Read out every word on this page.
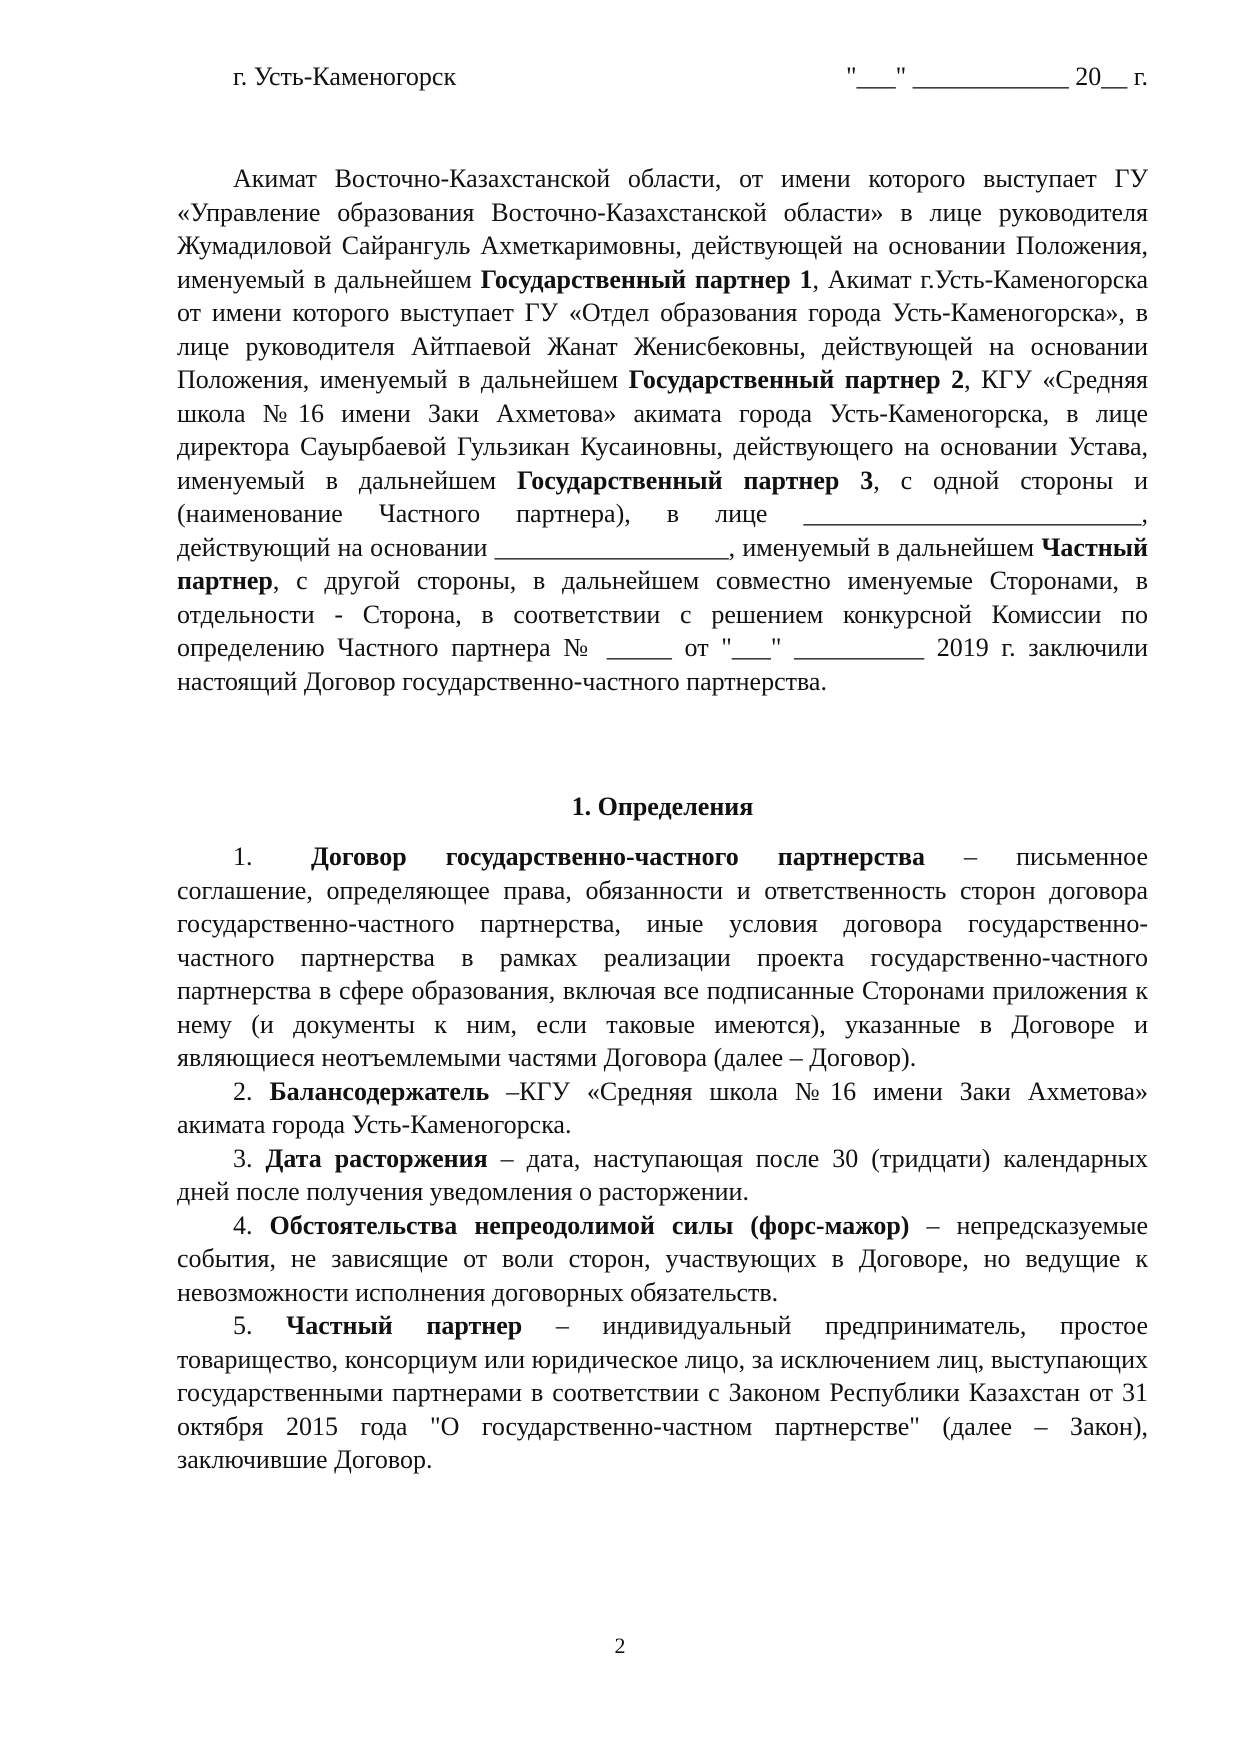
г. Усть-Каменогорск	"___" ____________ 20__ г.

Акимат Восточно-Казахстанской области, от имени которого выступает ГУ «Управление образования Восточно-Казахстанской области» в лице руководителя Жумадиловой Сайрангуль Ахметкаримовны, действующей на основании Положения, именуемый в дальнейшем Государственный партнер 1, Акимат г.Усть-Каменогорска от имени которого выступает ГУ «Отдел образования города Усть-Каменогорска», в лице руководителя Айтпаевой Жанат Женисбековны, действующей на основании Положения, именуемый в дальнейшем Государственный партнер 2, КГУ «Средняя школа №16 имени Заки Ахметова» акимата города Усть-Каменогорска, в лице директора Сауырбаевой Гульзикан Кусаиновны, действующего на основании Устава, именуемый в дальнейшем Государственный партнер 3, с одной стороны и (наименование Частного партнера), в лице __________________________, действующий на основании __________________, именуемый в дальнейшем Частный партнер, с другой стороны, в дальнейшем совместно именуемые Сторонами, в отдельности - Сторона, в соответствии с решением конкурсной Комиссии по определению Частного партнера № _____ от "___" __________ 2019 г. заключили настоящий Договор государственно-частного партнерства.

1. Определения

1. Договор государственно-частного партнерства – письменное соглашение, определяющее права, обязанности и ответственность сторон договора государственно-частного партнерства, иные условия договора государственно-частного партнерства в рамках реализации проекта государственно-частного партнерства в сфере образования, включая все подписанные Сторонами приложения к нему (и документы к ним, если таковые имеются), указанные в Договоре и являющиеся неотъемлемыми частями Договора (далее – Договор).

2. Балансодержатель –КГУ «Средняя школа №16 имени Заки Ахметова» акимата города Усть-Каменогорска.

3. Дата расторжения – дата, наступающая после 30 (тридцати) календарных дней после получения уведомления о расторжении.

4. Обстоятельства непреодолимой силы (форс-мажор) – непредсказуемые события, не зависящие от воли сторон, участвующих в Договоре, но ведущие к невозможности исполнения договорных обязательств.

5. Частный партнер – индивидуальный предприниматель, простое товарищество, консорциум или юридическое лицо, за исключением лиц, выступающих государственными партнерами в соответствии с Законом Республики Казахстан от 31 октября 2015 года "О государственно-частном партнерстве" (далее – Закон), заключившие Договор.

2
